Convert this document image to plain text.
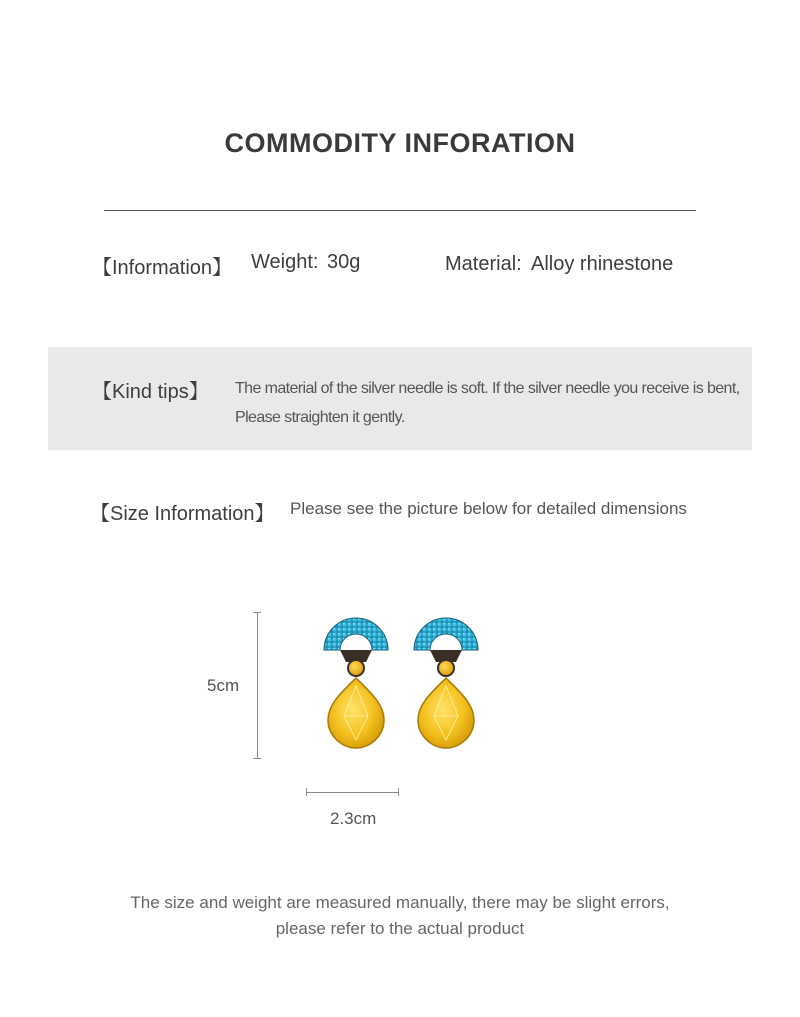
COMMODITY INFORATION
【Information】 Weight: 30g	Material: Alloy rhinestone
【Kind tips】 The material of the silver needle is soft. If the silver needle you receive is bent,
Please straighten it gently.
【Size Information】 Please see the picture below for detailed dimensions
5cm
2.3cm
The size and weight are measured manually, there may be slight errors,
please refer to the actual product
